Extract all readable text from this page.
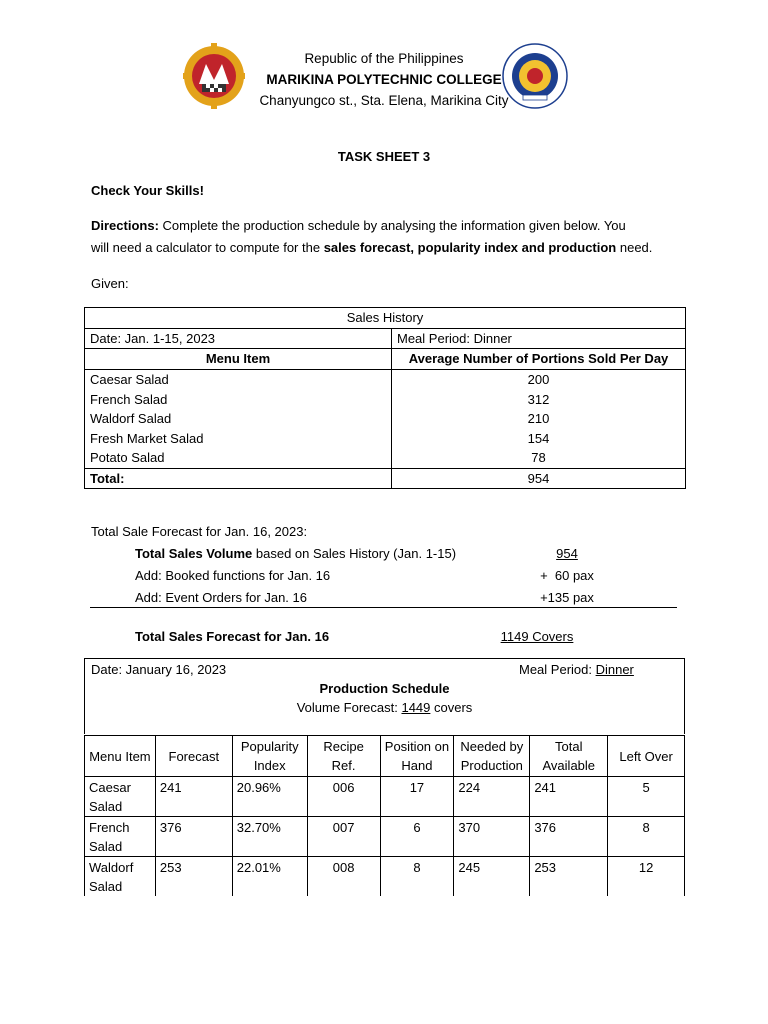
Republic of the Philippines
MARIKINA POLYTECHNIC COLLEGE
Chanyungco st., Sta. Elena, Marikina City
TASK SHEET 3

Check Your Skills!

Directions: Complete the production schedule by analysing the information given below. You

will need a calculator to compute for the sales forecast, popularity index and production need.

Given:

Sales History	
Date: Jan. 1-15, 2023	Meal Period: Dinner
Menu Item	Average Number of Portions Sold Per Day
Caesar Salad	200
French Salad	312
Waldorf Salad	210
Fresh Market Salad	154
Potato Salad	78
Total:	954

Total Sale Forecast for Jan. 16, 2023:

Total Sales Volume based on Sales History (Jan. 1-15)	954
Add: Booked functions for Jan. 16	+  60 pax
Add: Event Orders for Jan. 16	+135 pax
Total Sales Forecast for Jan. 16	1149 Covers
Date: January 16, 2023	Meal Period: Dinner
Production Schedule
Volume Forecast: 1449 covers
Menu Item	Forecast	Popularity Index	Recipe Ref.	Position on Hand	Needed by Production	Total Available	Left Over
Caesar Salad	241	20.96%	006	17	224	241	5
French Salad	376	32.70%	007	6	370	376	8
Waldorf Salad	253	22.01%	008	8	245	253	12
